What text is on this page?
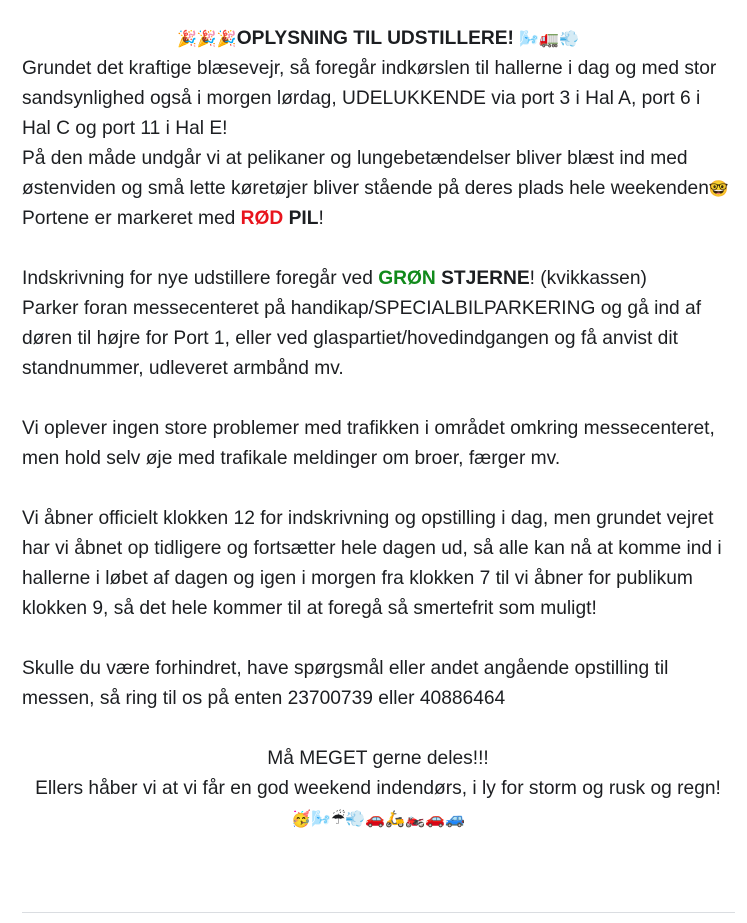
🎉🎉🎉OPLYSNING TIL UDSTILLERE! 🌬️🚛💨
Grundet det kraftige blæsevejr, så foregår indkørslen til hallerne i dag og med stor sandsynlighed også i morgen lørdag, UDELUKKENDE via port 3 i Hal A, port 6 i Hal C og port 11 i Hal E!
På den måde undgår vi at pelikaner og lungebetændelser bliver blæst ind med østenviden og små lette køretøjer bliver stående på deres plads hele weekenden🤓
Portene er markeret med RØD PIL!
Indskrivning for nye udstillere foregår ved GRØN STJERNE! (kvikkassen)
Parker foran messecenteret på handikap/SPECIALBILPARKERING og gå ind af døren til højre for Port 1, eller ved glaspartiet/hovedindgangen og få anvist dit standnummer, udleveret armbånd mv.
Vi oplever ingen store problemer med trafikken i området omkring messecenteret, men hold selv øje med trafikale meldinger om broer, færger mv.
Vi åbner officielt klokken 12 for indskrivning og opstilling i dag, men grundet vejret har vi åbnet op tidligere og fortsætter hele dagen ud, så alle kan nå at komme ind i hallerne i løbet af dagen og igen i morgen fra klokken 7 til vi åbner for publikum klokken 9, så det hele kommer til at foregå så smertefrit som muligt!
Skulle du være forhindret, have spørgsmål eller andet angående opstilling til messen, så ring til os på enten 23700739 eller 40886464
Må MEGET gerne deles!!!
Ellers håber vi at vi får en god weekend indendørs, i ly for storm og rusk og regn! 🥳🌬️☔💨🚗🛵🏍️🚗🚙
